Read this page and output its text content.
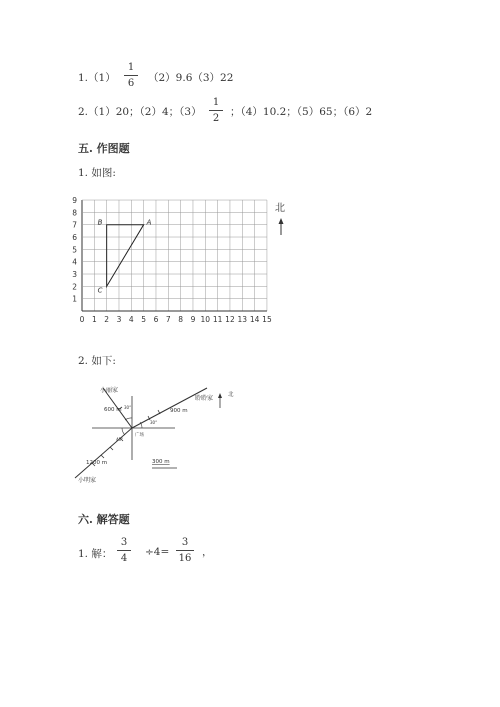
1.（1）
1
6	（2）9.6（3）22
2.（1）20；（2）4；（3）
1
2
；（4）10.2；（5）65；（6）2
五. 作图题
1. 如图:
0 1 2 3 4 5 6 7 8 9 10 11 12 13 14 15
1
2
3
4
5
6
7
8
9
A
B
C
北
2. 如下:
小丽家
600 m 30°
30°
45°
广场
900 m
聆聆家
1200 m
小明家
300 m
北
六. 解答题
1. 解：
3
4
÷4=
3
16
，
